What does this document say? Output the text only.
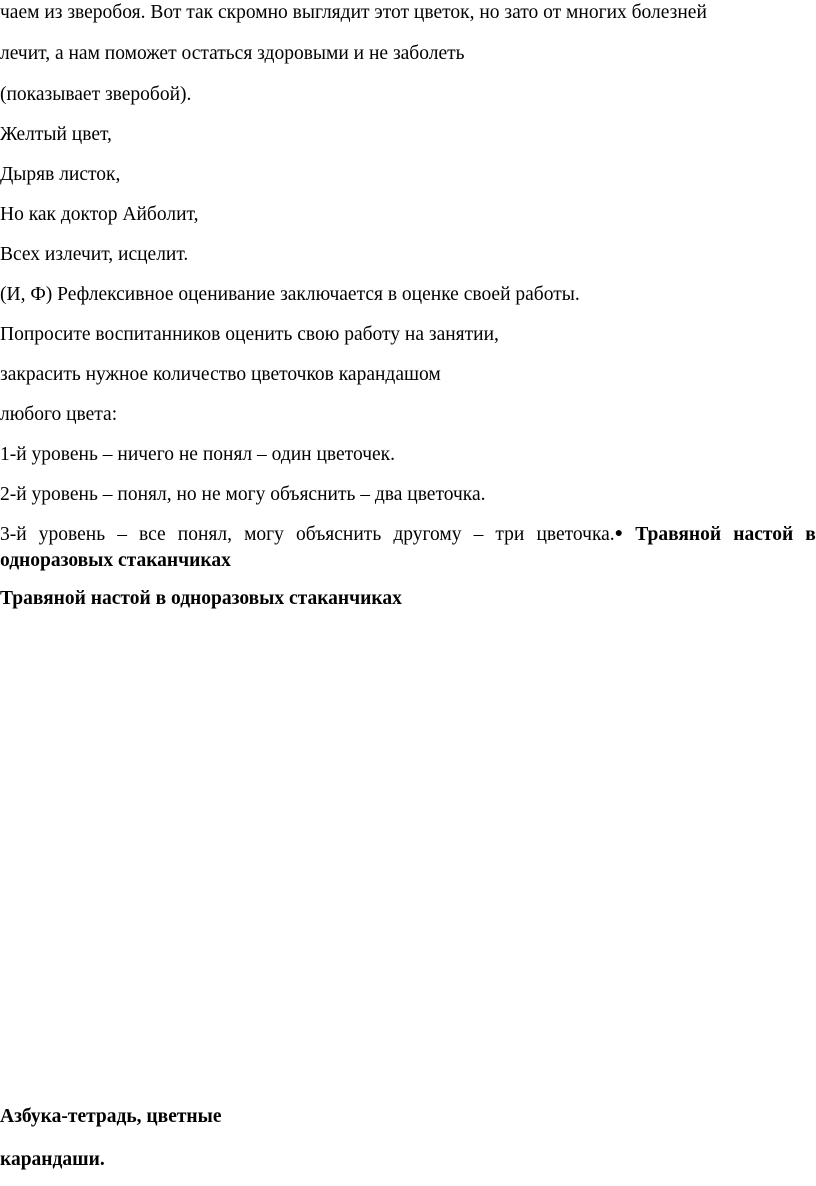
чаем из зверобоя. Вот так скромно выглядит этот цветок, но зато от многих болезней

лечит, а нам поможет остаться здоровыми и не заболеть

(показывает зверобой).

Желтый цвет,

Дыряв листок,

Но как доктор Айболит,

Всех излечит, исцелит.

(И, Ф) Рефлексивное оценивание заключается в оценке своей работы.

Попросите воспитанников оценить свою работу на занятии,

закрасить нужное количество цветочков карандашом

любого цвета:

1-й уровень – ничего не понял – один цветочек.

2-й уровень – понял, но не могу объяснить – два цветочка.

3-й уровень – все понял, могу объяснить другому – три цветочка.● Травяной настой в
одноразовых стаканчиках

Травяной настой в одноразовых стаканчиках

Азбука-тетрадь, цветные

карандаши.
